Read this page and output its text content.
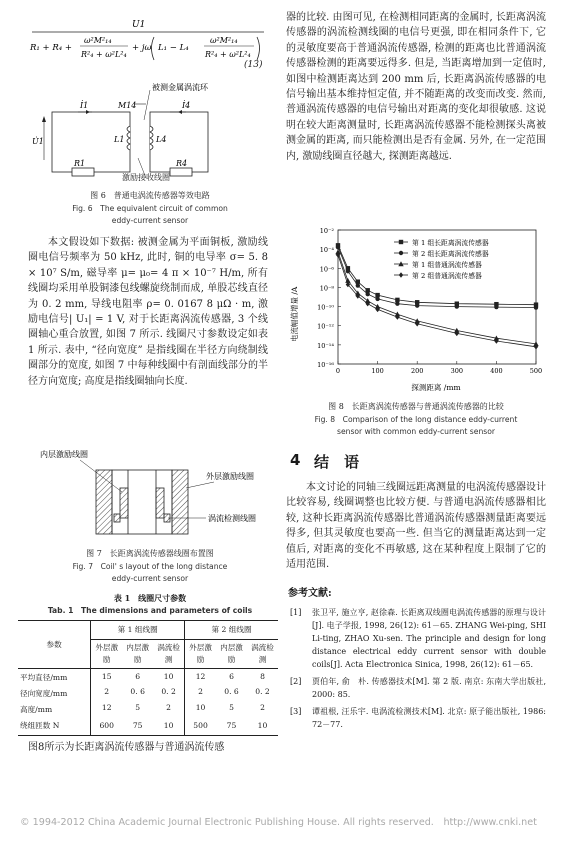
U1
R₁ + R₄ +
ω²M²₁₄
R²₄ + ω²L²₄
+ jω L₁ − L₄
ω²M²₁₄
R²₄ + ω²L²₄
(13)
M14
İ1	İ4
L1	L4
U̇1
R1	R4
被测金属涡流环
激励接收线圈
图 6　普通电涡流传感器等效电路
Fig. 6　The equivalent circuit of common
eddy-current sensor

本文假设如下数据: 被测金属为平面铜板, 激励线圈电信号频率为 50 kHz, 此时, 铜的电导率 σ= 5. 8 × 10⁷ S/m, 磁导率 μ= μ₀= 4 π × 10⁻⁷ H/m, 所有线圈均采用单股铜漆包线螺旋绕制而成, 单股芯线直径　为 0. 2 mm, 导线电阻率 ρ= 0. 0167 8 μΩ · m, 激励电信号| U₁| = 1 V, 对于长距离涡流传感器, 3 个线圈轴心重合放置, 如图 7 所示. 线圈尺寸参数设定如表 1 所示. 表中, “径向宽度” 是指线圈在半径方向绕制线圈部分的宽度, 如图 7 中每种线圈中有剖面线部分的半径方向宽度; 高度是指线圈轴向长度.

内层激励线圈
外层激励线圈
涡流检测线圈
图 7　长距离涡流传感器线圈布置图
Fig. 7　Coil' s layout of the long distance
eddy-current sensor
表 1　线圈尺寸参数
Tab. 1　The dimensions and parameters of coils
参数	第 1 组线圈			第 2 组线圈		
	外层激励	内层激励	涡流检测	外层激励	内层激励	涡流检测
平均直径/mm	15	6	10	12	6	8
径向宽度/mm	2	0. 6	0. 2	2	0. 6	0. 2
高度/mm	12	5	2	10	5	2
绕组匝数 N	600	75	10	500	75	10

图8所示为长距离涡流传感器与普通涡流传感

器的比较. 由图可见, 在检测相同距离的金属时, 长距离涡流传感器的涡流检测线圈的电信号更强, 即在相同条件下, 它的灵敏度要高于普通涡流传感器, 检测的距离也比普通涡流传感器检测的距离要远得多. 但是, 当距离增加到一定值时, 如图中检测距离达到 200 mm 后, 长距离涡流传感器的电信号输出基本维持恒定值, 并不随距离的改变而改变. 然而, 普通涡流传感器的电信号输出对距离的变化却很敏感. 这说明在较大距离测量时, 长距离涡流传感器不能检测探头离被测金属的距离, 而只能检测出是否有金属. 另外, 在一定范围内, 激励线圈直径越大, 探测距离越远.

电流幅值增量 /A
探测距离 /mm
10⁻²
10⁻⁴
10⁻⁶
10⁻⁸
10⁻¹⁰
10⁻¹²
10⁻¹⁴
10⁻¹⁶
0	100	200	300	400	500
第 1 组长距离涡流传感器
第 2 组长距离涡流传感器
第 1 组普通涡流传感器
第 2 组普通涡流传感器
图 8　长距离涡流传感器与普通涡流传感器的比较
Fig. 8　Comparison of the long distance eddy-current
sensor with common eddy-current sensor
4 结　语

本文讨论的同轴三线圈远距离测量的电涡流传感器设计比较容易, 线圈调整也比较方便. 与普通电涡流传感器相比较, 这种长距离涡流传感器比普通涡流传感器测量距离要远得多, 但其灵敏度也要高一些. 但当它的测量距离达到一定值后, 对距离的变化不再敏感, 这在某种程度上限制了它的适用范围.

参考文献:
[1]	张卫平, 施立亨, 赵徐森. 长距离双线圈电涡流传感器的原理与设计[J]. 电子学报, 1998, 26(12): 61－65. ZHANG Wei-ping, SHI Li-ting, ZHAO Xu-sen. The principle and design for long distance electrical eddy current sensor with double coils[J]. Acta Electronica Sinica, 1998, 26(12): 61－65.
[2]	贾伯年, 俞　朴. 传感器技术[M]. 第 2 版. 南京: 东南大学出版社, 2000: 85.
[3]	谭祖根, 汪乐宇. 电涡流检测技术[M]. 北京: 原子能出版社, 1986: 72－77.
© 1994-2012 China Academic Journal Electronic Publishing House. All rights reserved.　http://www.cnki.net
